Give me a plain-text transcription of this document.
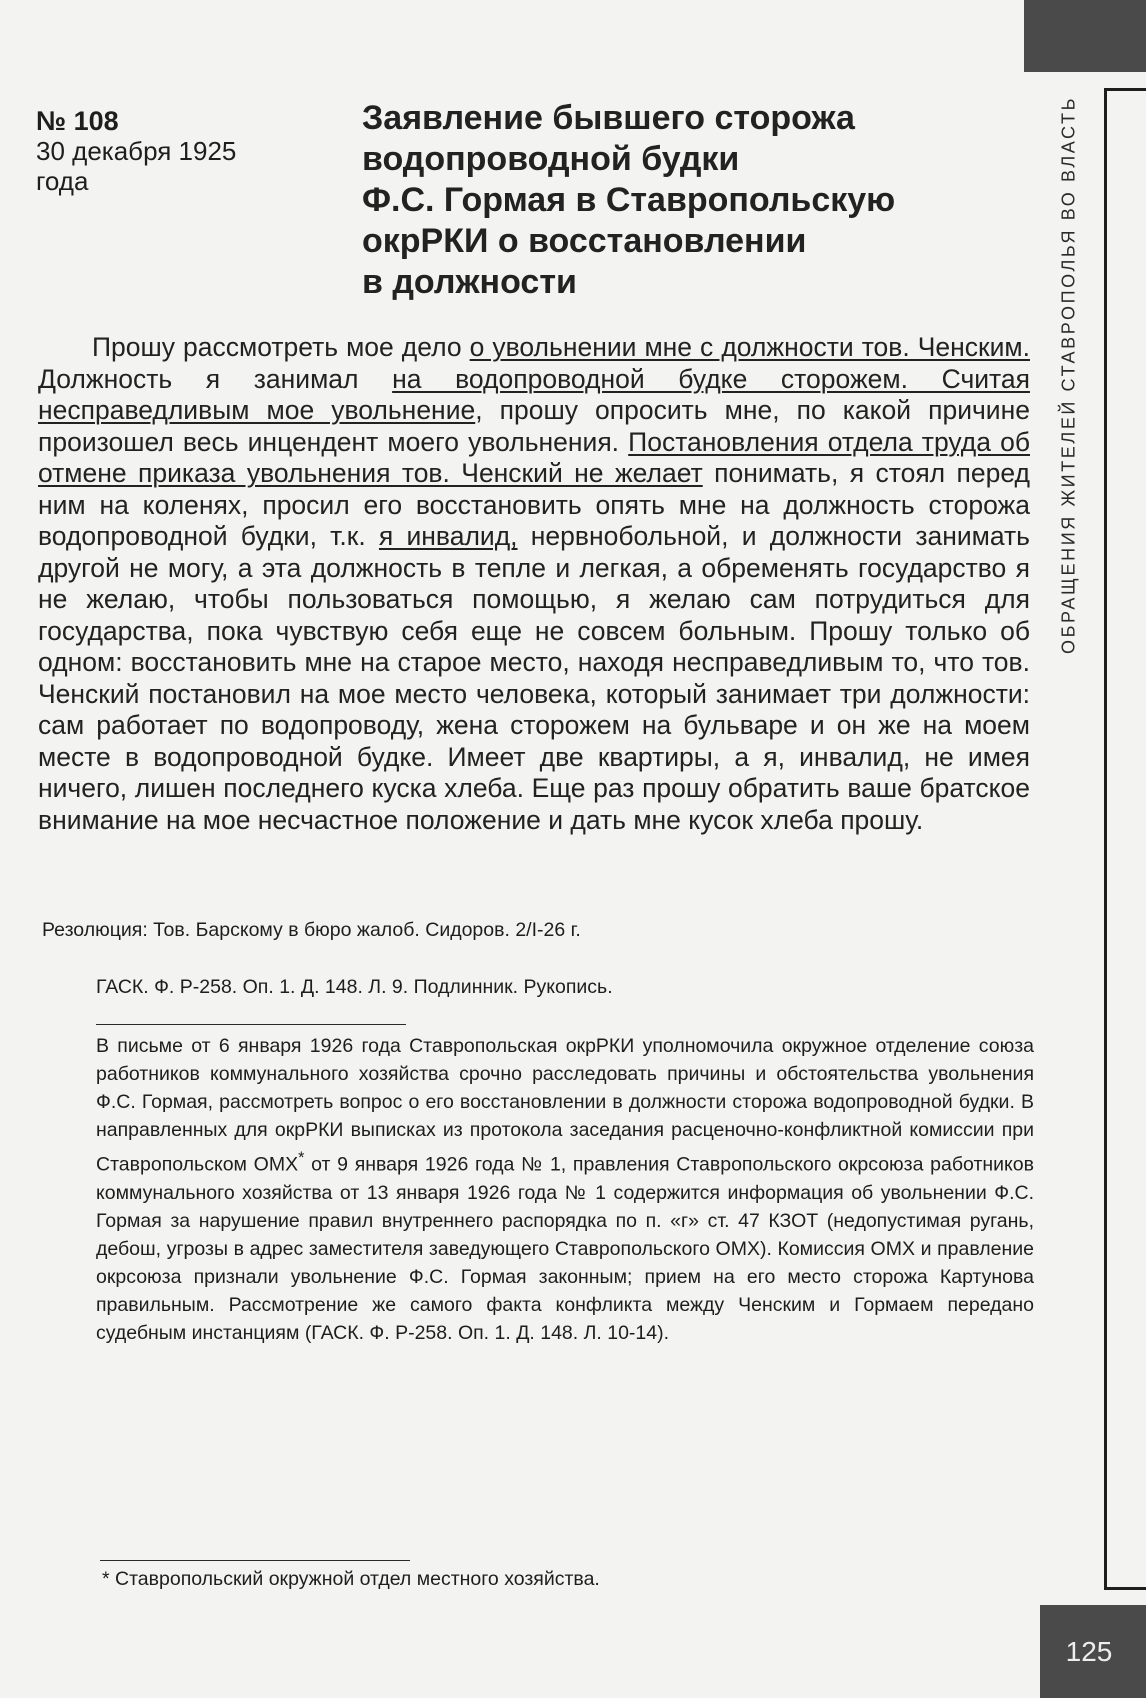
ОБРАЩЕНИЯ ЖИТЕЛЕЙ СТАВРОПОЛЬЯ ВО ВЛАСТЬ
№ 108
30 декабря 1925 года
Заявление бывшего сторожа
водопроводной будки
Ф.С. Гормая в Ставропольскую
окрРКИ о восстановлении
в должности

Прошу рассмотреть мое дело о увольнении мне с должности тов. Ченским. Должность я занимал на водопроводной будке сторожем. Считая несправедливым мое увольнение, прошу опросить мне, по какой причине произошел весь инцендент моего увольнения. Постановления отдела труда об отмене приказа увольнения тов. Ченский не желает понимать, я стоял перед ним на коленях, просил его восстановить опять мне на должность сторожа водопроводной будки, т.к. я инвалид, нервнобольной, и должности занимать другой не могу, а эта должность в тепле и легкая, а обременять государство я не желаю, чтобы пользоваться помощью, я желаю сам потрудиться для государства, пока чувствую себя еще не совсем больным. Прошу только об одном: восстановить мне на старое место, находя несправедливым то, что тов. Ченский постановил на мое место человека, который занимает три должности: сам работает по водопроводу, жена сторожем на бульваре и он же на моем месте в водопроводной будке. Имеет две квартиры, а я, инвалид, не имея ничего, лишен последнего куска хлеба. Еще раз прошу обратить ваше братское внимание на мое несчастное положение и дать мне кусок хлеба прошу.

Резолюция: Тов. Барскому в бюро жалоб. Сидоров. 2/I-26 г.

ГАСК. Ф. Р-258. Оп. 1. Д. 148. Л. 9. Подлинник. Рукопись.

В письме от 6 января 1926 года Ставропольская окрРКИ уполномочила окружное отделение союза работников коммунального хозяйства срочно расследовать причины и обстоятельства увольнения Ф.С. Гормая, рассмотреть вопрос о его восстановлении в должности сторожа водопроводной будки. В направленных для окрРКИ выписках из протокола заседания расценочно-конфликтной комиссии при Ставропольском ОМХ* от 9 января 1926 года № 1, правления Ставропольского окрсоюза работников коммунального хозяйства от 13 января 1926 года № 1 содержится информация об увольнении Ф.С. Гормая за нарушение правил внутреннего распорядка по п. «г» ст. 47 КЗОТ (недопустимая ругань, дебош, угрозы в адрес заместителя заведующего Ставропольского ОМХ). Комиссия ОМХ и правление окрсоюза признали увольнение Ф.С. Гормая законным; прием на его место сторожа Картунова правильным. Рассмотрение же самого факта конфликта между Ченским и Гормаем передано судебным инстанциям (ГАСК. Ф. Р-258. Оп. 1. Д. 148. Л. 10-14).

* Ставропольский окружной отдел местного хозяйства.

125
